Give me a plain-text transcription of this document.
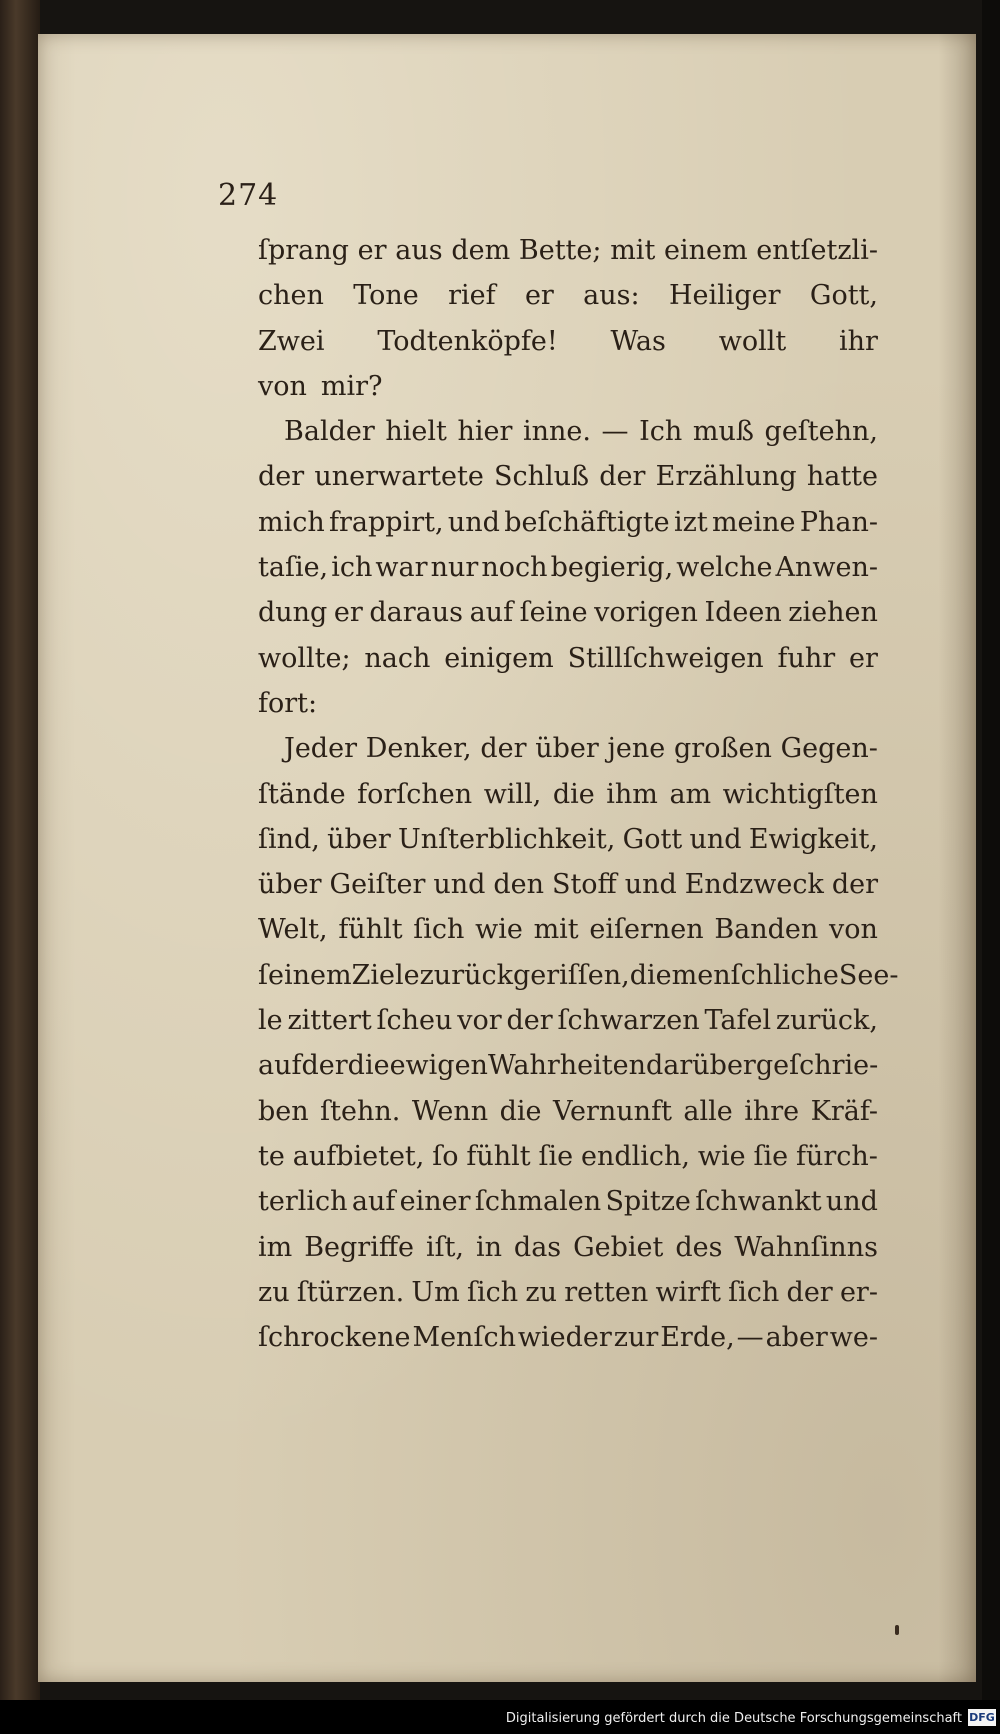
274
ſprang er aus dem Bette; mit einem entſetzli-
chen Tone rief er aus: Heiliger Gott,
Zwei Todtenköpfe! Was wollt ihr
von mir?
Balder hielt hier inne. — Ich muß geſtehn,
der unerwartete Schluß der Erzählung hatte
mich frappirt, und beſchäftigte izt meine Phan-
taſie, ich war nur noch begierig, welche Anwen-
dung er daraus auf ſeine vorigen Ideen ziehen
wollte; nach einigem Stillſchweigen fuhr er
fort:
Jeder Denker, der über jene großen Gegen-
ſtände forſchen will, die ihm am wichtigſten
ſind, über Unſterblichkeit, Gott und Ewigkeit,
über Geiſter und den Stoff und Endzweck der
Welt, fühlt ſich wie mit eiſernen Banden von
ſeinem Ziele zurückgeriſſen, die menſchliche See-
le zittert ſcheu vor der ſchwarzen Tafel zurück,
auf der die ewigen Wahrheiten darüber geſchrie-
ben ſtehn. Wenn die Vernunft alle ihre Kräf-
te aufbietet, ſo fühlt ſie endlich, wie ſie fürch-
terlich auf einer ſchmalen Spitze ſchwankt und
im Begriffe iſt, in das Gebiet des Wahnſinns
zu ſtürzen. Um ſich zu retten wirft ſich der er-
ſchrockene Menſch wieder zur Erde, — aber we-
Digitalisierung gefördert durch die Deutsche Forschungsgemeinschaft DFG
